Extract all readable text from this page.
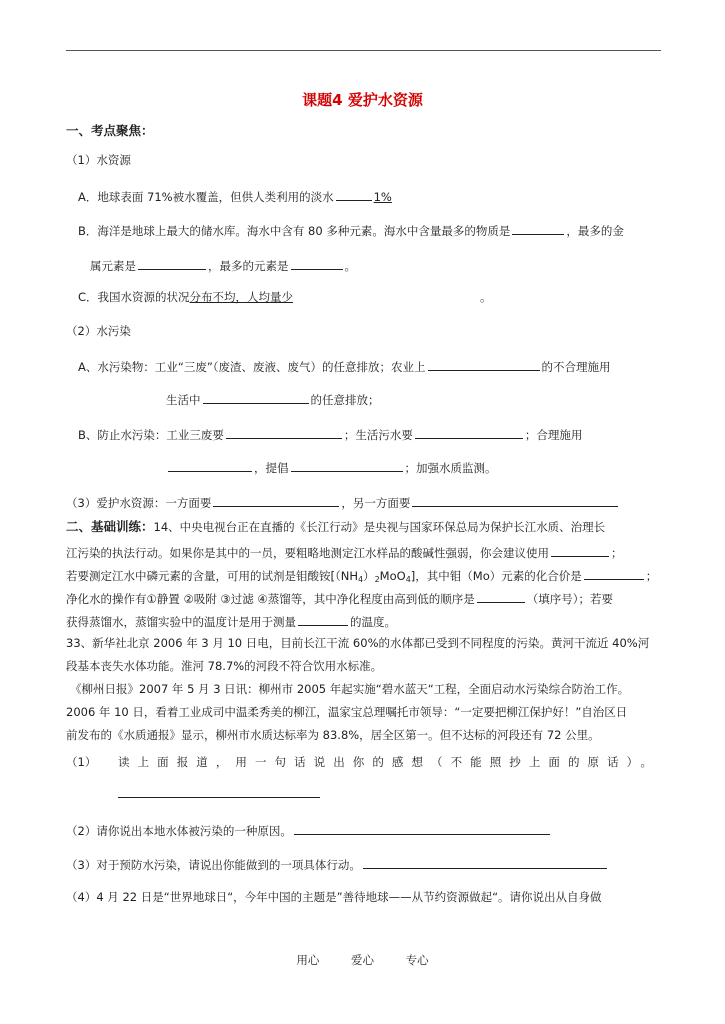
课题4 爱护水资源
一、考点聚焦：
（1）水资源
A．地球表面 71%被水覆盖，但供人类利用的淡水	1%
B．海洋是地球上最大的储水库。海水中含有 80 多种元素。海水中含量最多的物质是	，最多的金
属元素是	，最多的元素是	。
C．我国水资源的状况分布不均，人均量少	。
（2）水污染
A、水污染物：工业“三废”（废渣、废液、废气）的任意排放；农业上	的不合理施用
生活中	的任意排放；
B、防止水污染：工业三废要	；生活污水要	；合理施用
，提倡	；加强水质监测。
（3）爱护水资源：一方面要	，另一方面要
二、基础训练：14、中央电视台正在直播的《长江行动》是央视与国家环保总局为保护长江水质、治理长
江污染的执法行动。如果你是其中的一员，要粗略地测定江水样品的酸碱性强弱，你会建议使用	；
若要测定江水中磷元素的含量，可用的试剂是钼酸铵$[(NH_4)_2MoO_4]$，其中钼（Mo）元素的化合价是	；
净化水的操作有①静置 ②吸附 ③过滤 ④蒸馏等，其中净化程度由高到低的顺序是	（填序号）；若要
获得蒸馏水，蒸馏实验中的温度计是用于测量	的温度。
33、新华社北京 2006 年 3 月 10 日电，目前长江干流 60%的水体都已受到不同程度的污染。黄河干流近 40%河
段基本丧失水体功能。淮河 78.7%的河段不符合饮用水标准。
《柳州日报》2007 年 5 月 3 日讯：柳州市 2005 年起实施“碧水蓝天“工程，全面启动水污染综合防治工作。
2006 年 10 日，看着工业成司中温柔秀美的柳江，温家宝总理嘱托市领导：“一定要把柳江保护好！”自治区日
前发布的《水质通报》显示，柳州市水质达标率为 83.8%，居全区第一。但不达标的河段还有 72 公里。
（1） 读上面报道，用一句话说出你的感想（不能照抄上面的原话）。
（2）请你说出本地水体被污染的一种原因。
（3）对于预防水污染，请说出你能做到的一项具体行动。
（4）4 月 22 日是“世界地球日“，今年中国的主题是”善待地球——从节约资源做起“。请你说出从自身做
用心	爱心	专心
